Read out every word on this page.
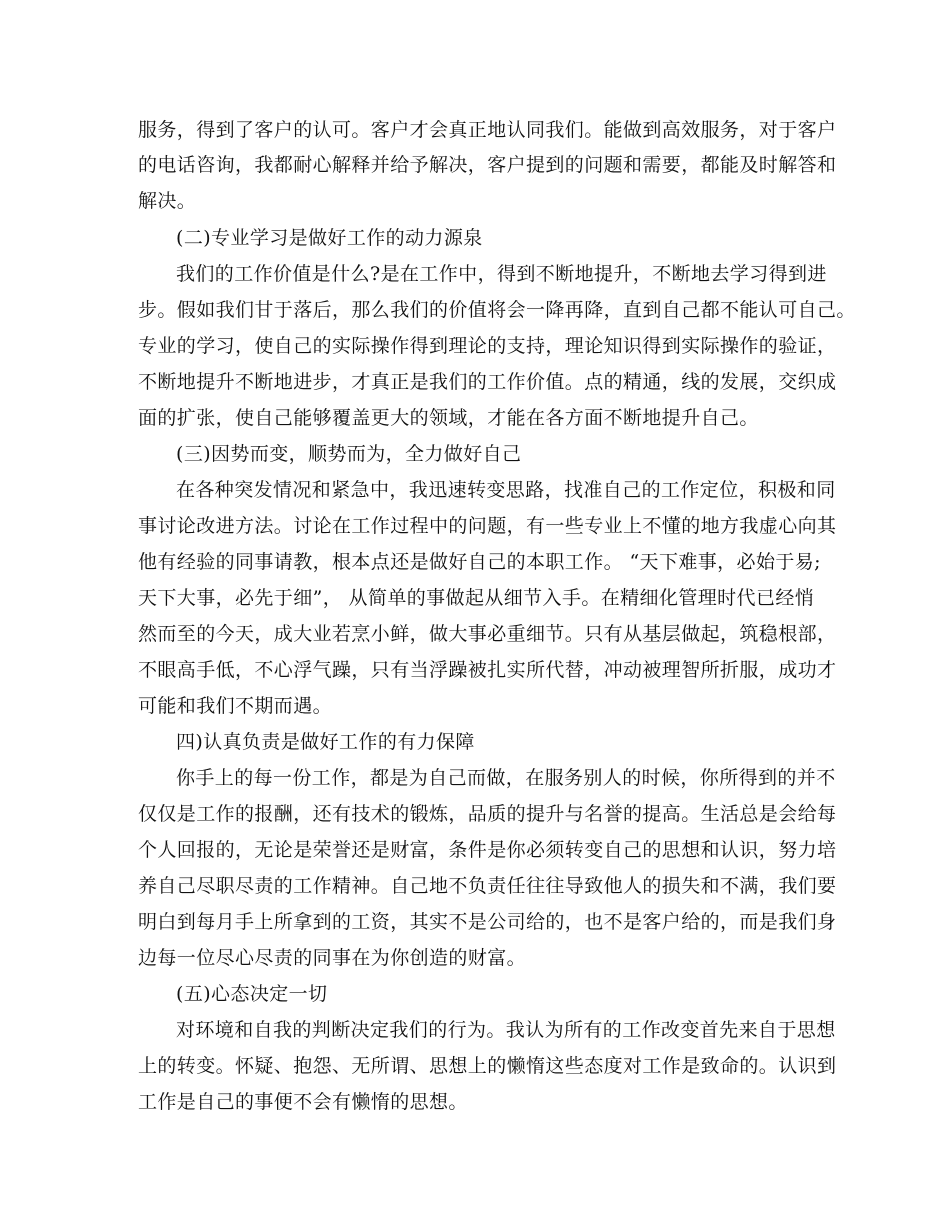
服务，得到了客户的认可。客户才会真正地认同我们。能做到高效服务，对于客户
的电话咨询，我都耐心解释并给予解决，客户提到的问题和需要，都能及时解答和
解决。
(二)专业学习是做好工作的动力源泉
我们的工作价值是什么?是在工作中，得到不断地提升，不断地去学习得到进
步。假如我们甘于落后，那么我们的价值将会一降再降，直到自己都不能认可自己。
专业的学习，使自己的实际操作得到理论的支持，理论知识得到实际操作的验证，
不断地提升不断地进步，才真正是我们的工作价值。点的精通，线的发展，交织成
面的扩张，使自己能够覆盖更大的领域，才能在各方面不断地提升自己。
(三)因势而变，顺势而为，全力做好自己
在各种突发情况和紧急中，我迅速转变思路，找准自己的工作定位，积极和同
事讨论改进方法。讨论在工作过程中的问题，有一些专业上不懂的地方我虚心向其
他有经验的同事请教，根本点还是做好自己的本职工作。 “天下难事，必始于易;
天下大事，必先于细”， 从简单的事做起从细节入手。在精细化管理时代已经悄
然而至的今天，成大业若烹小鲜，做大事必重细节。只有从基层做起，筑稳根部，
不眼高手低，不心浮气躁，只有当浮躁被扎实所代替，冲动被理智所折服，成功才
可能和我们不期而遇。
四)认真负责是做好工作的有力保障
你手上的每一份工作，都是为自己而做，在服务别人的时候，你所得到的并不
仅仅是工作的报酬，还有技术的锻炼，品质的提升与名誉的提高。生活总是会给每
个人回报的，无论是荣誉还是财富，条件是你必须转变自己的思想和认识，努力培
养自己尽职尽责的工作精神。自己地不负责任往往导致他人的损失和不满，我们要
明白到每月手上所拿到的工资，其实不是公司给的，也不是客户给的，而是我们身
边每一位尽心尽责的同事在为你创造的财富。
(五)心态决定一切
对环境和自我的判断决定我们的行为。我认为所有的工作改变首先来自于思想
上的转变。怀疑、抱怨、无所谓、思想上的懒惰这些态度对工作是致命的。认识到
工作是自己的事便不会有懒惰的思想。
